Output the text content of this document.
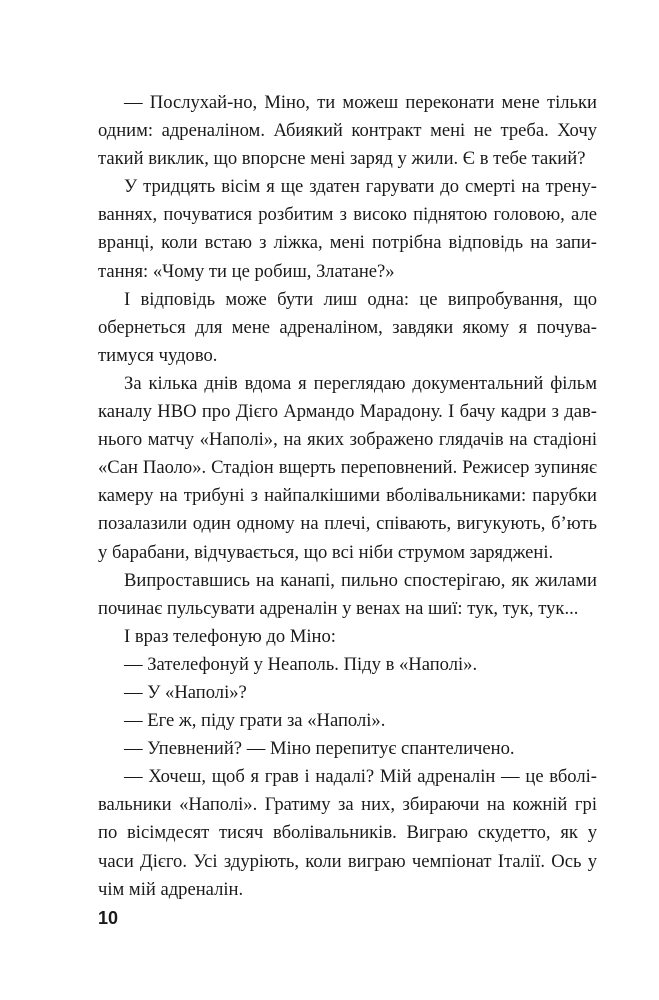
— Послухай-но, Міно, ти можеш переконати мене тільки одним: адреналіном. Абиякий контракт мені не треба. Хочу такий виклик, що впорсне мені заряд у жили. Є в тебе такий?

У тридцять вісім я ще здатен гарувати до смерті на тренуваннях, почуватися розбитим з високо піднятою головою, але вранці, коли встаю з ліжка, мені потрібна відповідь на запитання: «Чому ти це робиш, Златане?»

І відповідь може бути лиш одна: це випробування, що обернеться для мене адреналіном, завдяки якому я почуватимуся чудово.

За кілька днів вдома я переглядаю документальний фільм каналу HBO про Дієго Армандо Марадону. І бачу кадри з давнього матчу «Наполі», на яких зображено глядачів на стадіоні «Сан Паоло». Стадіон вщерть переповнений. Режисер зупиняє камеру на трибуні з найпалкішими вболівальниками: парубки позалазили один одному на плечі, співають, вигукують, б’ють у барабани, відчувається, що всі ніби струмом заряджені.

Випроставшись на канапі, пильно спостерігаю, як жилами починає пульсувати адреналін у венах на шиї: тук, тук, тук...

І враз телефоную до Міно:

— Зателефонуй у Неаполь. Піду в «Наполі».

— У «Наполі»?

— Еге ж, піду грати за «Наполі».

— Упевнений? — Міно перепитує спантеличено.

— Хочеш, щоб я грав і надалі? Мій адреналін — це вболівальники «Наполі». Гратиму за них, збираючи на кожній грі по вісімдесят тисяч вболівальників. Виграю скудетто, як у часи Дієго. Усі здуріють, коли виграю чемпіонат Італії. Ось у чім мій адреналін.

10
